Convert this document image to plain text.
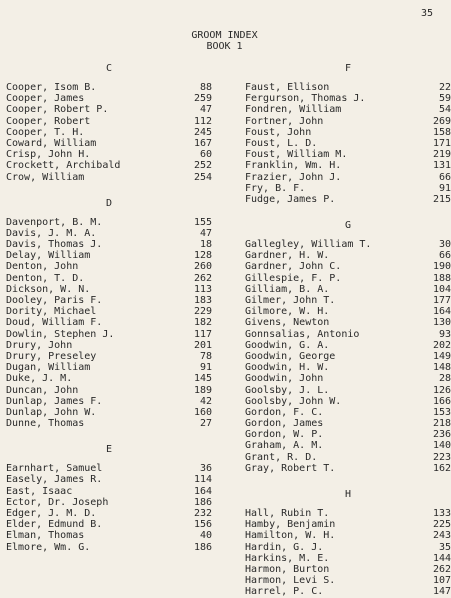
35
GROOM INDEX
BOOK 1
C
Cooper, Isom B.	88
Cooper, James	259
Cooper, Robert P.	47
Cooper, Robert	112
Cooper, T. H.	245
Coward, William	167
Crisp, John H.	60
Crockett, Archibald	252
Crow, William	254
D
Davenport, B. M.	155
Davis, J. M. A.	47
Davis, Thomas J.	18
Delay, William	128
Denton, John	260
Denton, T. D.	262
Dickson, W. N.	113
Dooley, Paris F.	183
Dority, Michael	229
Doud, William F.	182
Dowlin, Stephen J.	117
Drury, John	201
Drury, Preseley	78
Dugan, William	91
Duke, J. M.	145
Duncan, John	189
Dunlap, James F.	42
Dunlap, John W.	160
Dunne, Thomas	27
E
Earnhart, Samuel	36
Easely, James R.	114
East, Isaac	164
Ector, Dr. Joseph	186
Edger, J. M. D.	232
Elder, Edmund B.	156
Elman, Thomas	40
Elmore, Wm. G.	186
F
Faust, Ellison	22
Fergurson, Thomas J.	59
Fondren, William	54
Fortner, John	269
Foust, John	158
Foust, L. D.	171
Foust, William M.	219
Franklin, Wm. H.	131
Frazier, John J.	66
Fry, B. F.	91
Fudge, James P.	215
G
Gallegley, William T.	30
Gardner, H. W.	66
Gardner, John C.	190
Gillespie, F. P.	188
Gilliam, B. A.	104
Gilmer, John T.	177
Gilmore, W. H.	164
Givens, Newton	130
Gonnsalias, Antonio	93
Goodwin, G. A.	202
Goodwin, George	149
Goodwin, H. W.	148
Goodwin, John	28
Goolsby, J. L.	126
Goolsby, John W.	166
Gordon, F. C.	153
Gordon, James	218
Gordon, W. P.	236
Graham, A. M.	140
Grant, R. D.	223
Gray, Robert T.	162
H
Hall, Rubin T.	133
Hamby, Benjamin	225
Hamilton, W. H.	243
Hardin, G. J.	35
Harkins, M. E.	144
Harmon, Burton	262
Harmon, Levi S.	107
Harrel, P. C.	147
